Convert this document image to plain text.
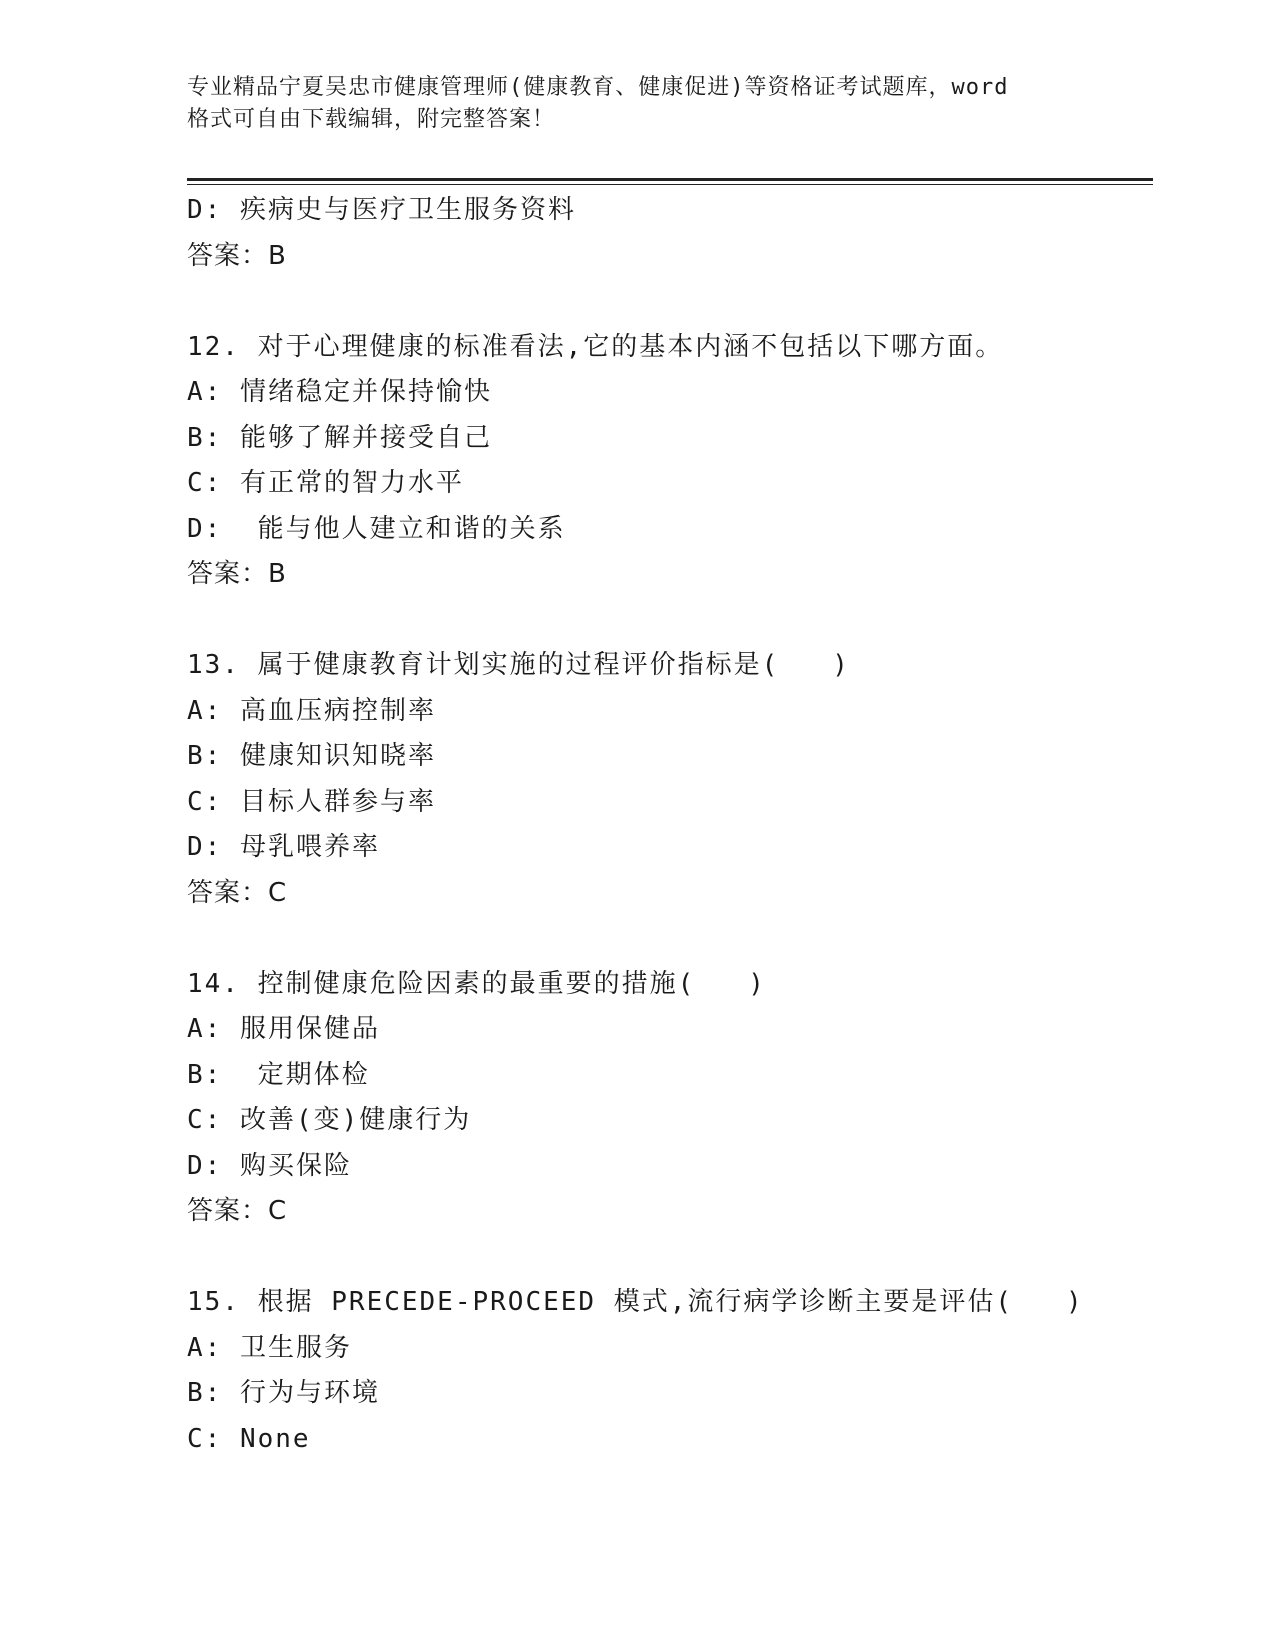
专业精品宁夏吴忠市健康管理师(健康教育、健康促进)等资格证考试题库，word
格式可自由下载编辑，附完整答案！
D: 疾病史与医疗卫生服务资料
答案：B
12. 对于心理健康的标准看法,它的基本内涵不包括以下哪方面。
A: 情绪稳定并保持愉快
B: 能够了解并接受自己
C: 有正常的智力水平
D:  能与他人建立和谐的关系
答案：B
13. 属于健康教育计划实施的过程评价指标是(   )
A: 高血压病控制率
B: 健康知识知晓率
C: 目标人群参与率
D: 母乳喂养率
答案：C
14. 控制健康危险因素的最重要的措施(   )
A: 服用保健品
B:  定期体检
C: 改善(变)健康行为
D: 购买保险
答案：C
15. 根据 PRECEDE-PROCEED 模式,流行病学诊断主要是评估(   )
A: 卫生服务
B: 行为与环境
C: None
